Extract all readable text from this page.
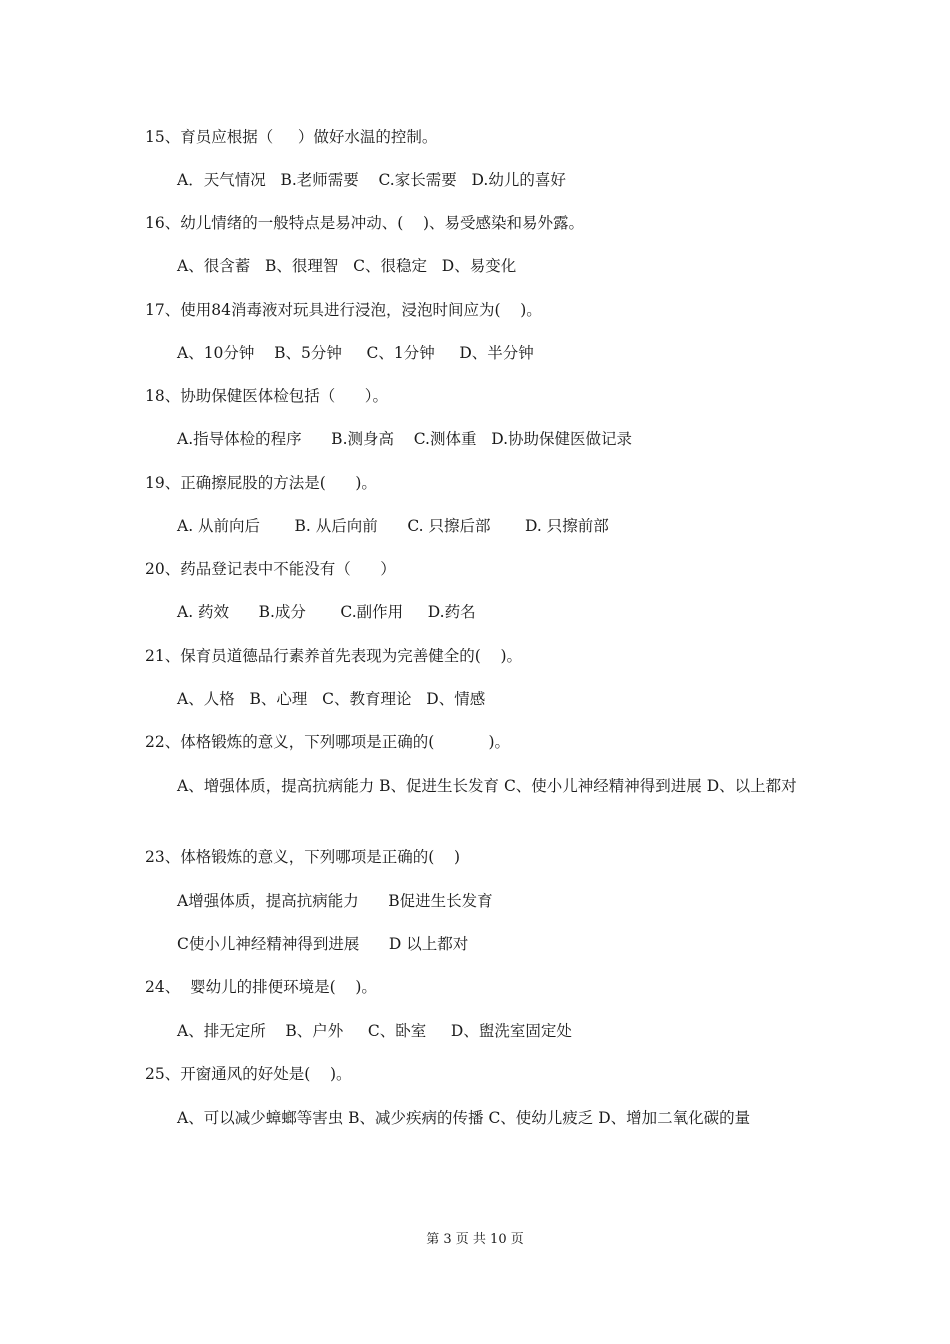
15、育员应根据（     ）做好水温的控制。
A．天气情况   B.老师需要    C.家长需要   D.幼儿的喜好
16、幼儿情绪的一般特点是易冲动、(    )、易受感染和易外露。
A、很含蓄   B、很理智   C、很稳定   D、易变化
17、使用84消毒液对玩具进行浸泡，浸泡时间应为(    )。
A、10分钟    B、5分钟     C、1分钟     D、半分钟
18、协助保健医体检包括（      ）。
A.指导体检的程序      B.测身高    C.测体重   D.协助保健医做记录
19、正确擦屁股的方法是(      )。
A. 从前向后       B. 从后向前      C. 只擦后部       D. 只擦前部
20、药品登记表中不能没有（      ）
A. 药效      B.成分       C.副作用     D.药名
21、保育员道德品行素养首先表现为完善健全的(    )。
A、人格   B、心理   C、教育理论   D、情感
22、体格锻炼的意义，下列哪项是正确的(           )。
A、增强体质，提高抗病能力 B、促进生长发育 C、使小儿神经精神得到进展 D、以上都对
23、体格锻炼的意义，下列哪项是正确的(    )
A增强体质，提高抗病能力      B促进生长发育
C使小儿神经精神得到进展      D 以上都对
24、  婴幼儿的排便环境是(    )。
A、排无定所    B、户外     C、卧室     D、盥洗室固定处
25、开窗通风的好处是(    )。
A、可以减少蟑螂等害虫 B、减少疾病的传播 C、使幼儿疲乏 D、增加二氧化碳的量
第 3 页 共 10 页
